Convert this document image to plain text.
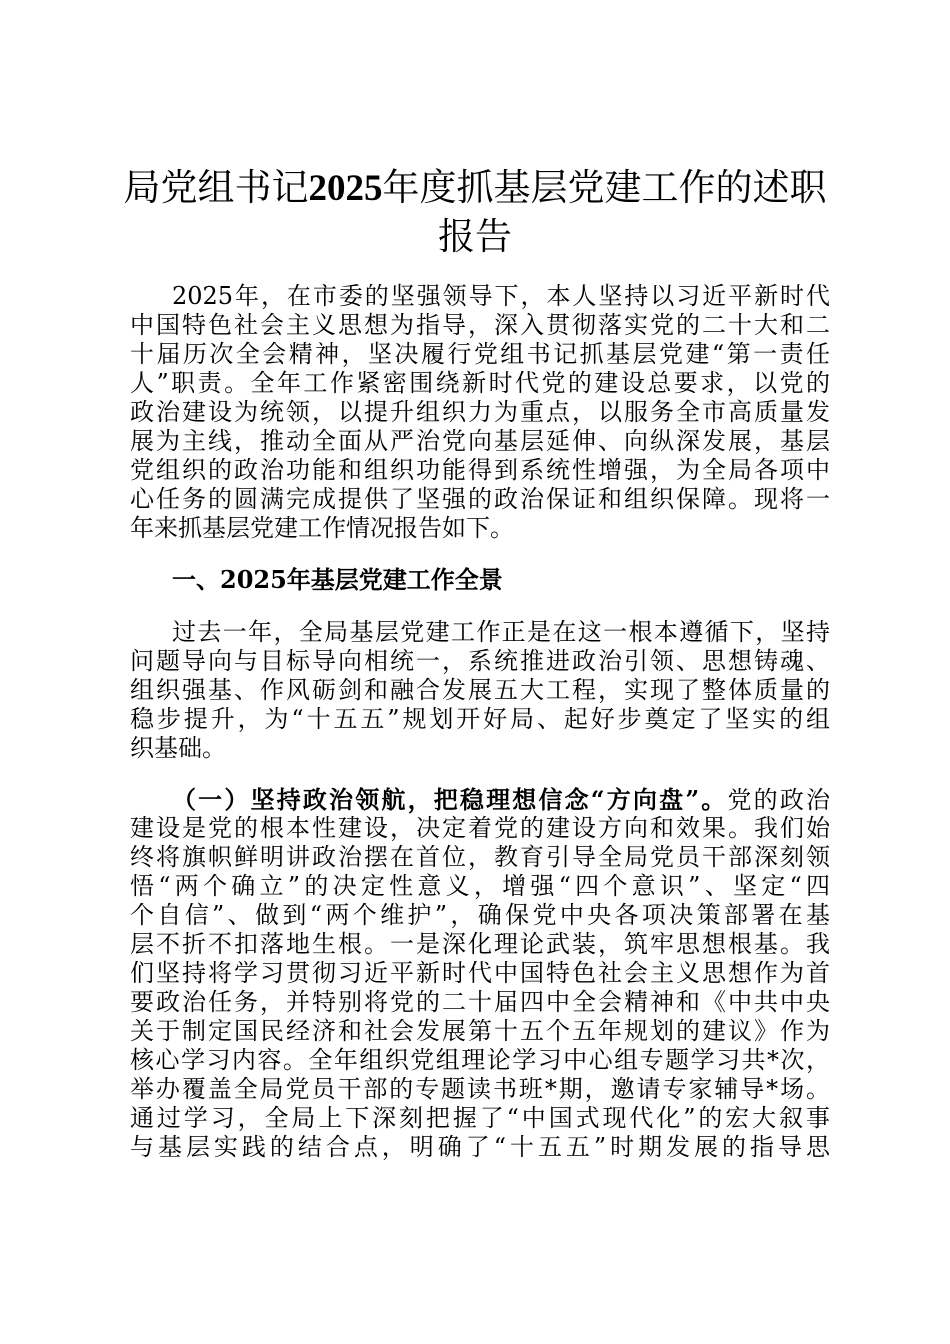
局党组书记2025年度抓基层党建工作的述职
报告
2025年，在市委的坚强领导下，本人坚持以习近平新时代
中国特色社会主义思想为指导，深入贯彻落实党的二十大和二
十届历次全会精神，坚决履行党组书记抓基层党建“第一责任
人”职责。全年工作紧密围绕新时代党的建设总要求，以党的
政治建设为统领，以提升组织力为重点，以服务全市高质量发
展为主线，推动全面从严治党向基层延伸、向纵深发展，基层
党组织的政治功能和组织功能得到系统性增强，为全局各项中
心任务的圆满完成提供了坚强的政治保证和组织保障。现将一
年来抓基层党建工作情况报告如下。

一、2025年基层党建工作全景

过去一年，全局基层党建工作正是在这一根本遵循下，坚持
问题导向与目标导向相统一，系统推进政治引领、思想铸魂、
组织强基、作风砺剑和融合发展五大工程，实现了整体质量的
稳步提升，为“十五五”规划开好局、起好步奠定了坚实的组
织基础。
（一）坚持政治领航，把稳理想信念“方向盘”。党的政治
建设是党的根本性建设，决定着党的建设方向和效果。我们始
终将旗帜鲜明讲政治摆在首位，教育引导全局党员干部深刻领
悟“两个确立”的决定性意义，增强“四个意识”、坚定“四
个自信”、做到“两个维护”，确保党中央各项决策部署在基
层不折不扣落地生根。一是深化理论武装，筑牢思想根基。我
们坚持将学习贯彻习近平新时代中国特色社会主义思想作为首
要政治任务，并特别将党的二十届四中全会精神和《中共中央
关于制定国民经济和社会发展第十五个五年规划的建议》作为
核心学习内容。全年组织党组理论学习中心组专题学习共*次，
举办覆盖全局党员干部的专题读书班*期，邀请专家辅导*场。
通过学习，全局上下深刻把握了“中国式现代化”的宏大叙事
与基层实践的结合点，明确了“十五五”时期发展的指导思
